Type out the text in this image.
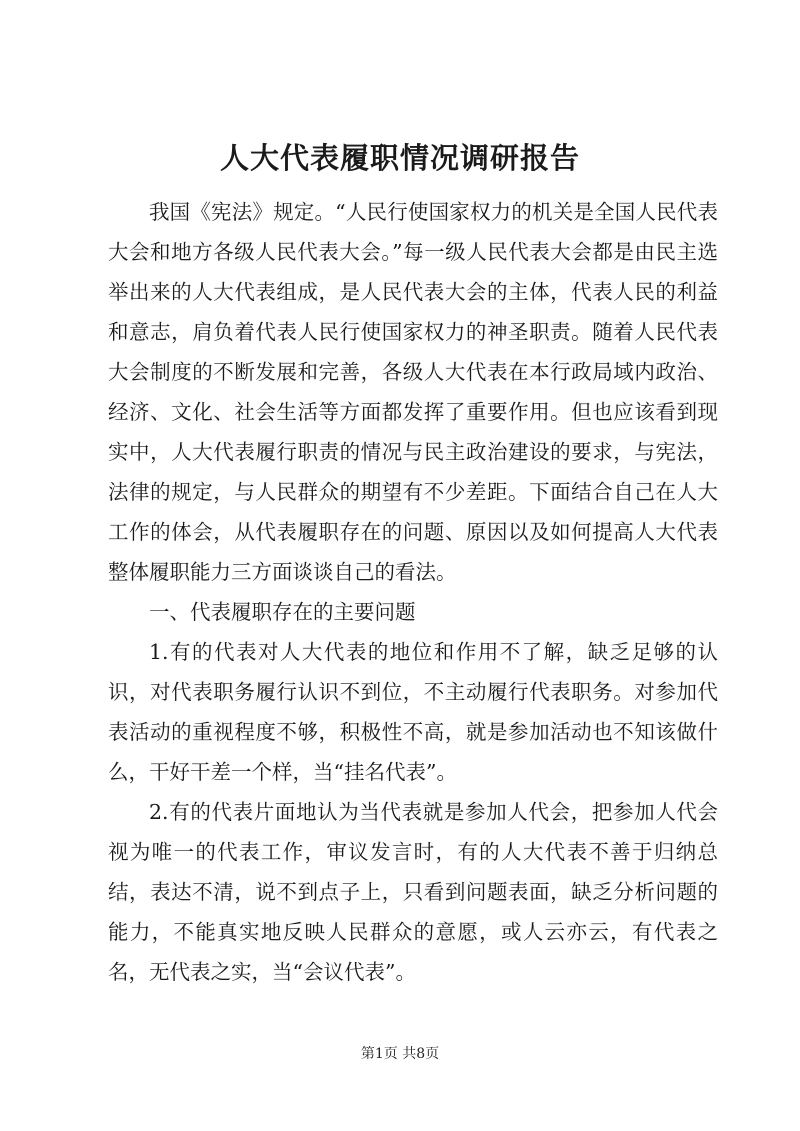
人大代表履职情况调研报告

我国《宪法》规定。“人民行使国家权力的机关是全国人民代表大会和地方各级人民代表大会。”每一级人民代表大会都是由民主选举出来的人大代表组成，是人民代表大会的主体，代表人民的利益和意志，肩负着代表人民行使国家权力的神圣职责。随着人民代表大会制度的不断发展和完善，各级人大代表在本行政局域内政治、经济、文化、社会生活等方面都发挥了重要作用。但也应该看到现实中，人大代表履行职责的情况与民主政治建设的要求，与宪法，法律的规定，与人民群众的期望有不少差距。下面结合自己在人大工作的体会，从代表履职存在的问题、原因以及如何提高人大代表整体履职能力三方面谈谈自己的看法。

一、代表履职存在的主要问题

1.有的代表对人大代表的地位和作用不了解，缺乏足够的认识，对代表职务履行认识不到位，不主动履行代表职务。对参加代表活动的重视程度不够，积极性不高，就是参加活动也不知该做什么，干好干差一个样，当“挂名代表”。

2.有的代表片面地认为当代表就是参加人代会，把参加人代会视为唯一的代表工作，审议发言时，有的人大代表不善于归纳总结，表达不清，说不到点子上，只看到问题表面，缺乏分析问题的能力，不能真实地反映人民群众的意愿，或人云亦云，有代表之名，无代表之实，当“会议代表”。

第1页 共8页
